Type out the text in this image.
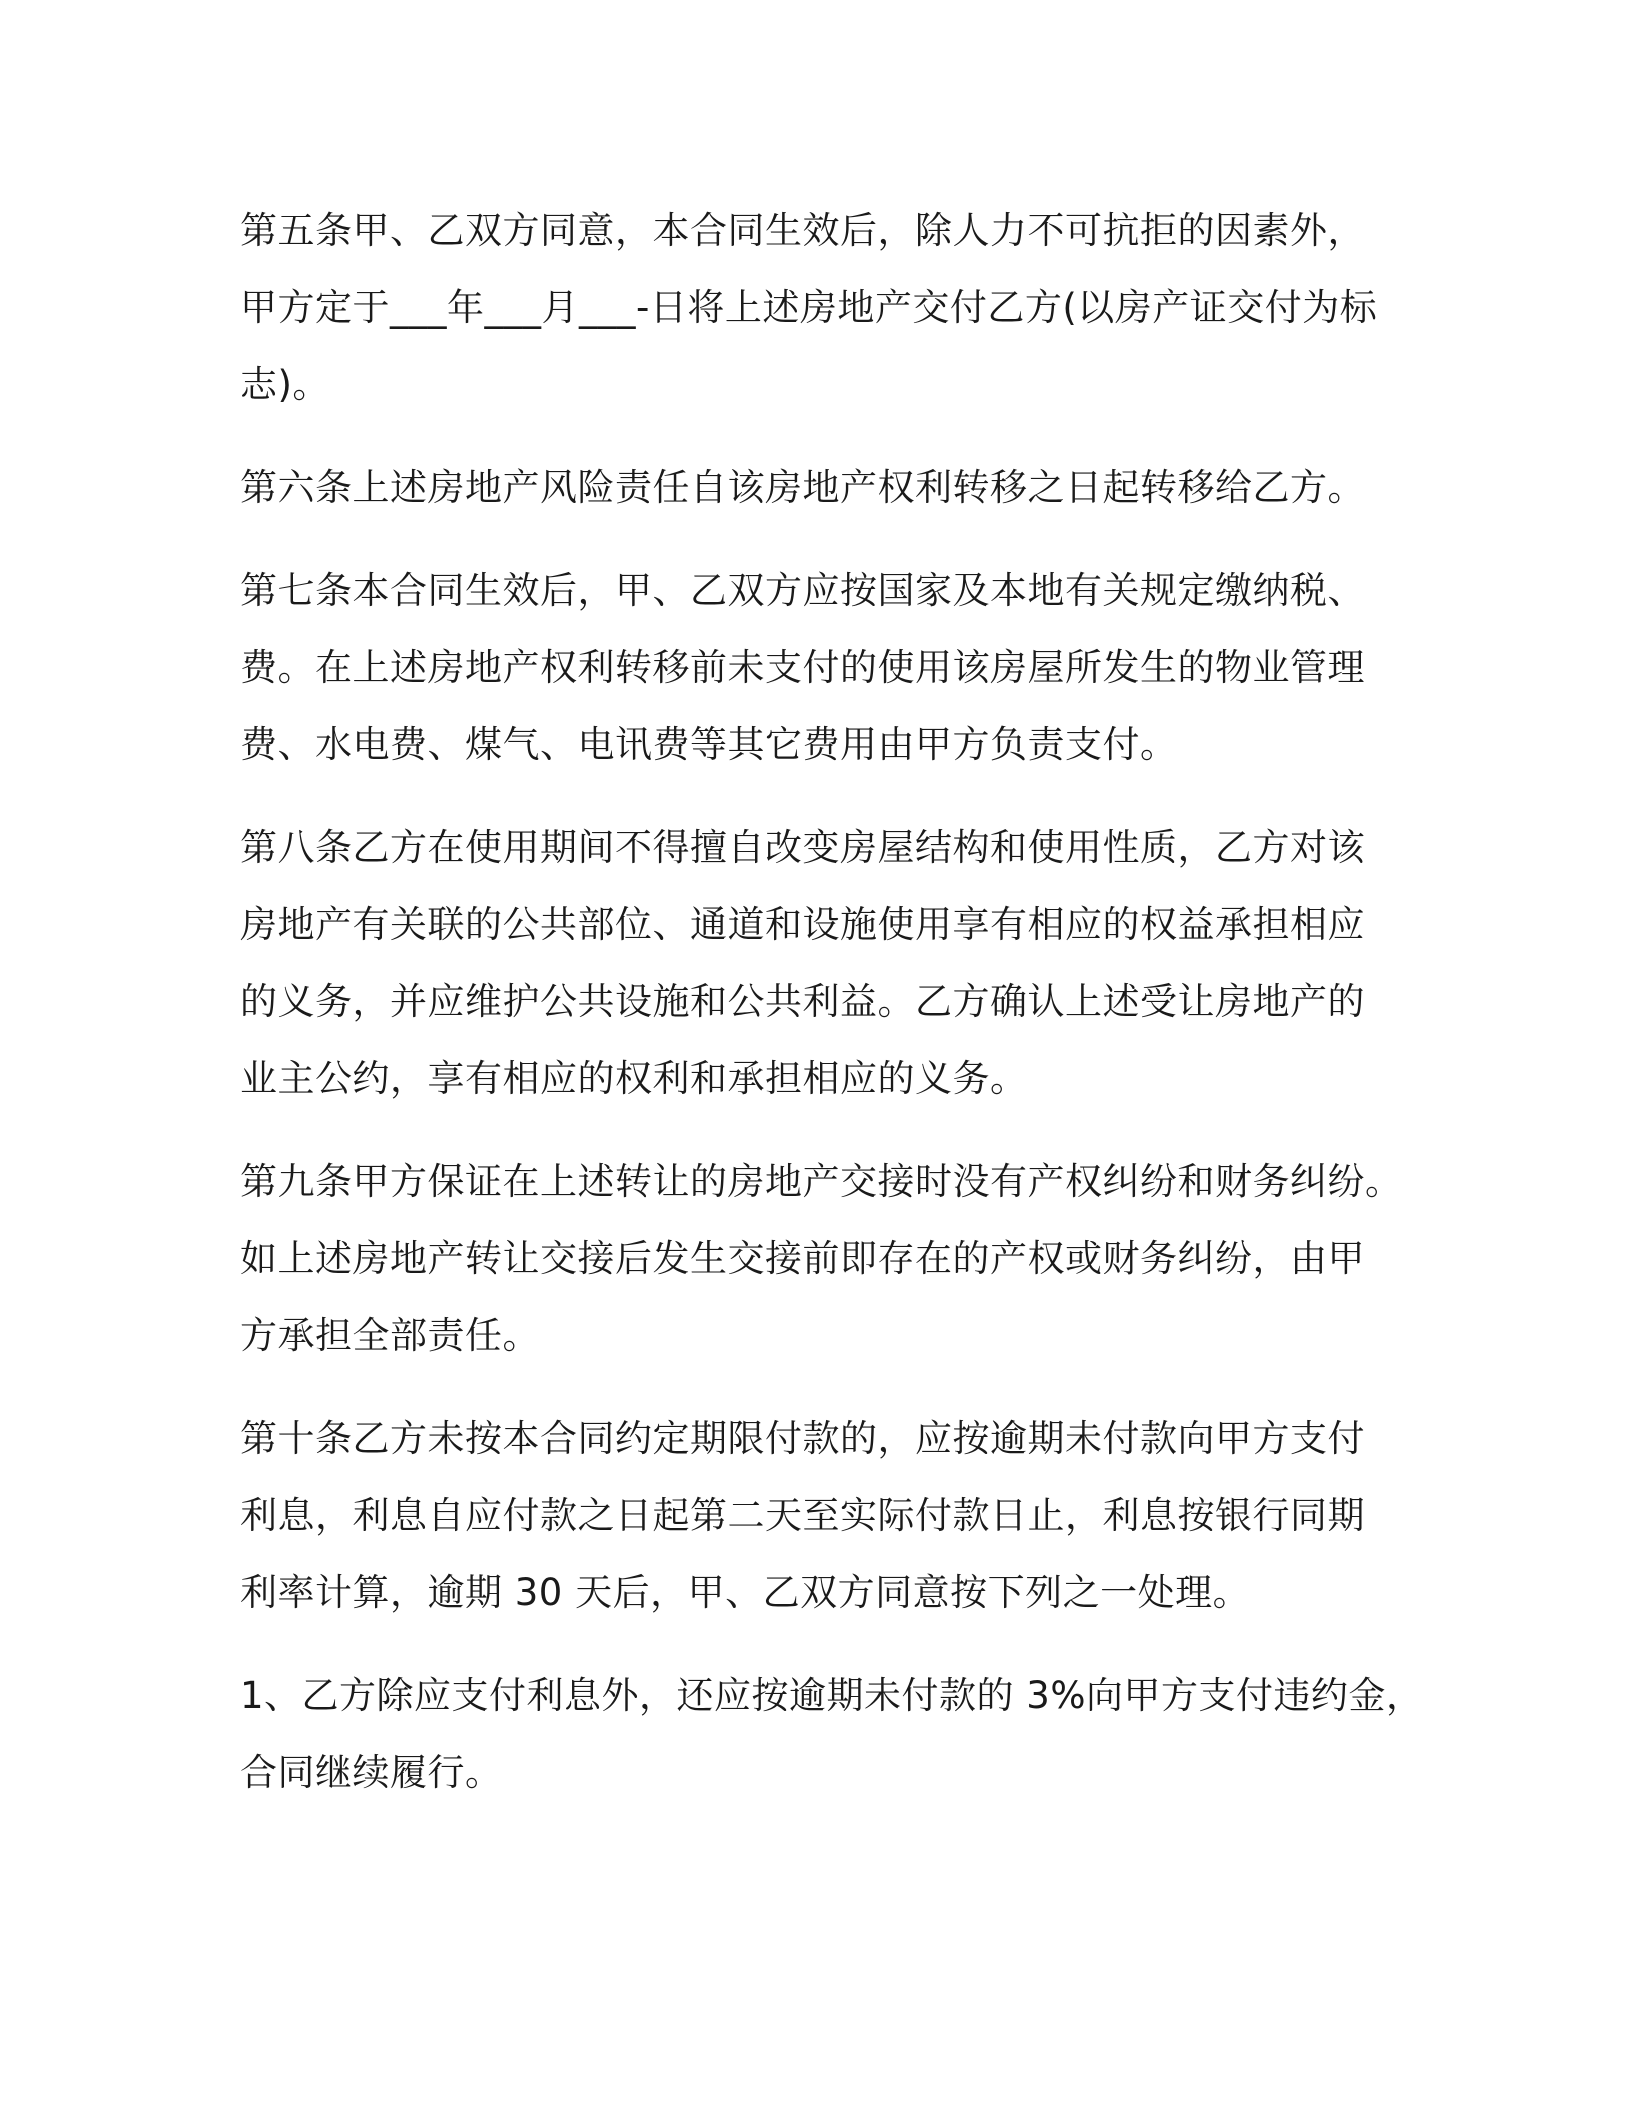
第五条甲、乙双方同意，本合同生效后，除人力不可抗拒的因素外，
甲方定于___年___月___-日将上述房地产交付乙方(以房产证交付为标
志)。
第六条上述房地产风险责任自该房地产权利转移之日起转移给乙方。
第七条本合同生效后，甲、乙双方应按国家及本地有关规定缴纳税、
费。在上述房地产权利转移前未支付的使用该房屋所发生的物业管理
费、水电费、煤气、电讯费等其它费用由甲方负责支付。
第八条乙方在使用期间不得擅自改变房屋结构和使用性质，乙方对该
房地产有关联的公共部位、通道和设施使用享有相应的权益承担相应
的义务，并应维护公共设施和公共利益。乙方确认上述受让房地产的
业主公约，享有相应的权利和承担相应的义务。
第九条甲方保证在上述转让的房地产交接时没有产权纠纷和财务纠纷。
如上述房地产转让交接后发生交接前即存在的产权或财务纠纷，由甲
方承担全部责任。
第十条乙方未按本合同约定期限付款的，应按逾期未付款向甲方支付
利息，利息自应付款之日起第二天至实际付款日止，利息按银行同期
利率计算，逾期 30 天后，甲、乙双方同意按下列之一处理。
1、乙方除应支付利息外，还应按逾期未付款的 3%向甲方支付违约金，
合同继续履行。
